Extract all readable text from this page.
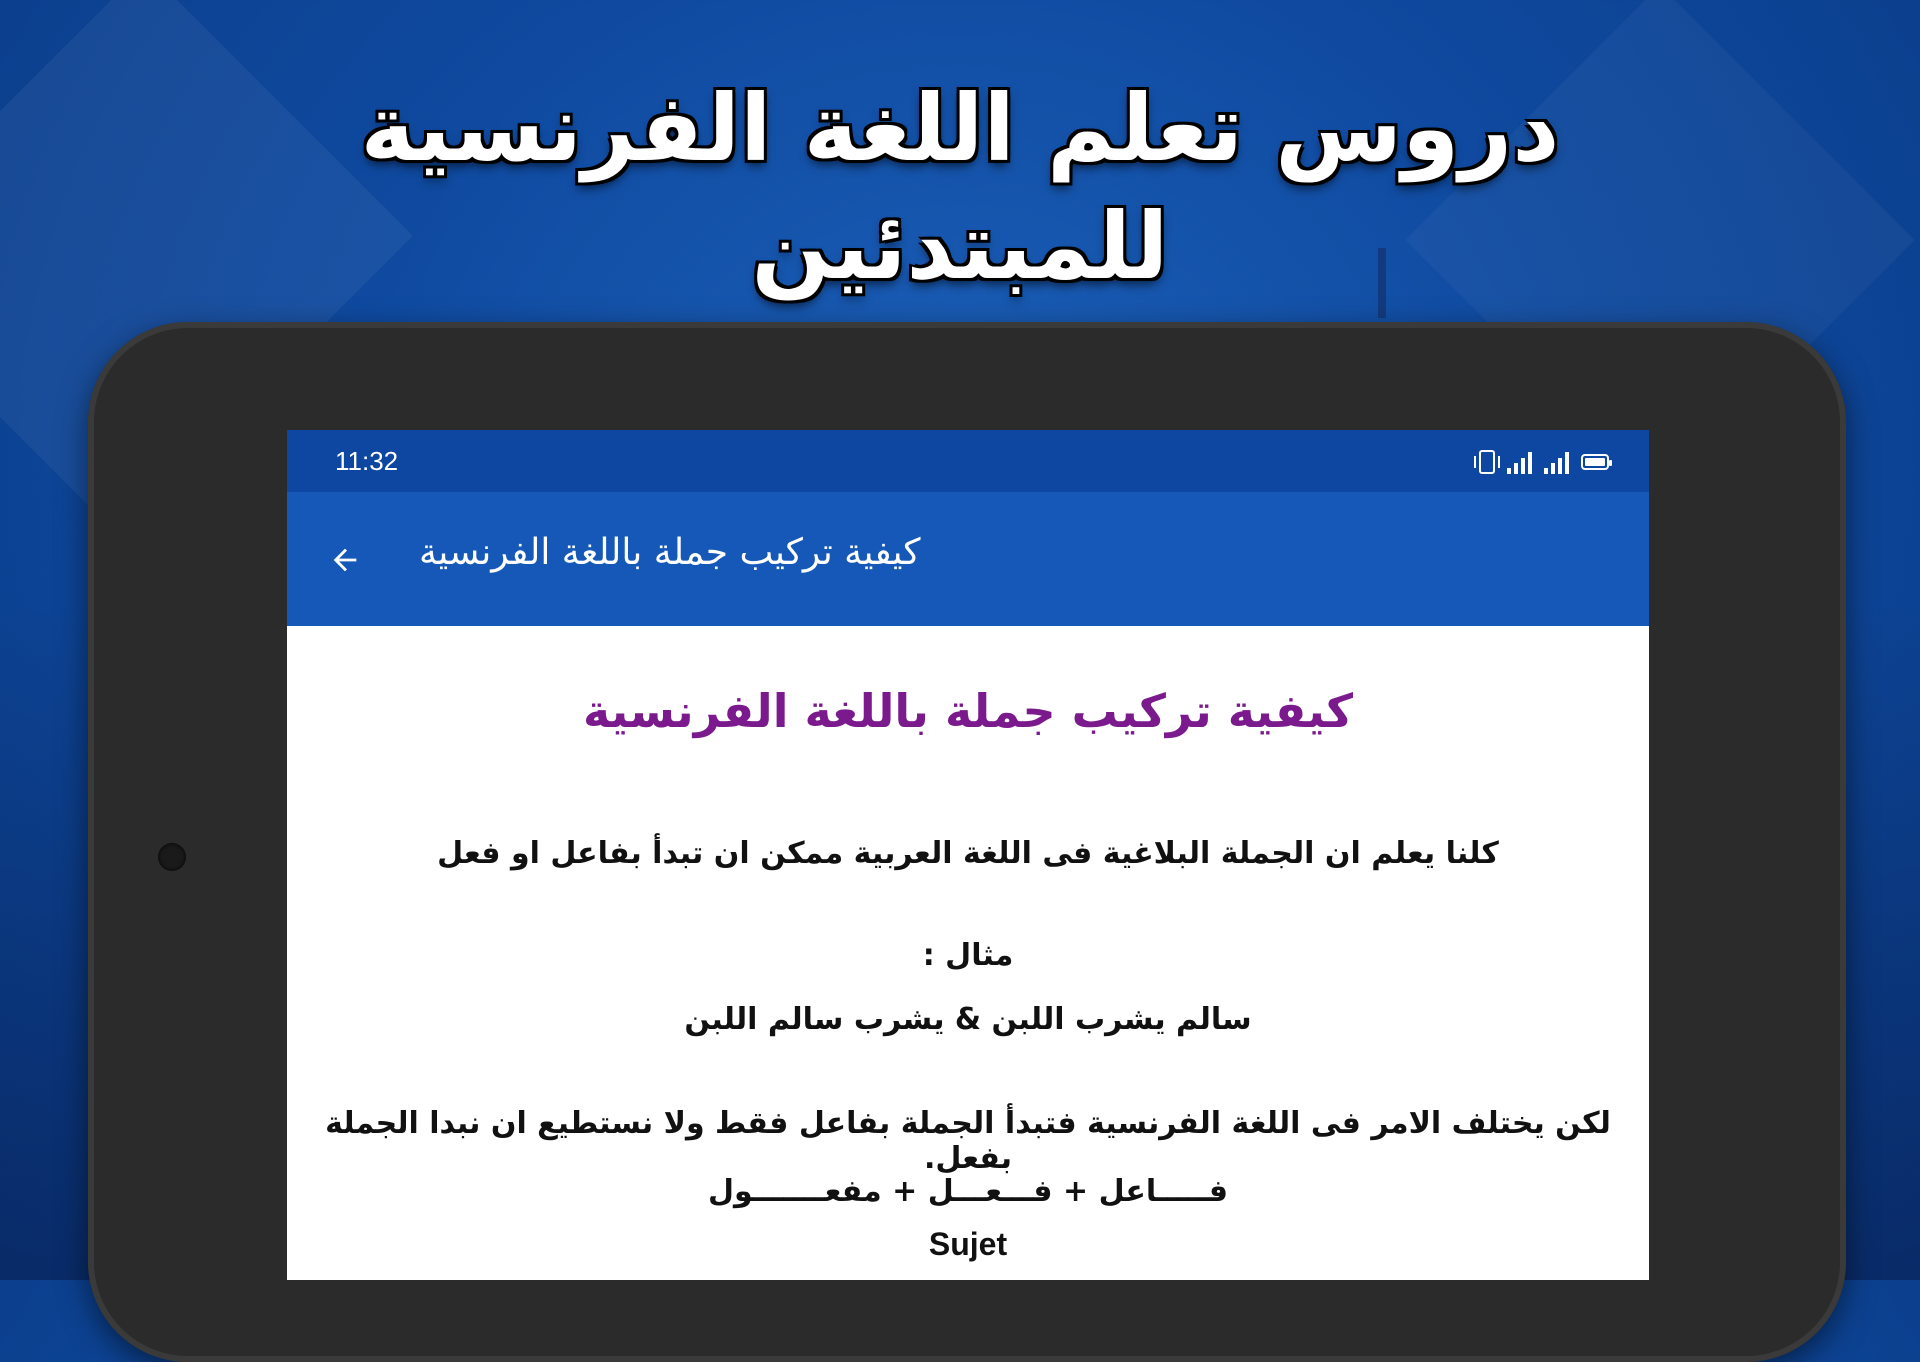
دروس تعلم اللغة الفرنسية
للمبتدئين
11:32
كيفية تركيب جملة باللغة الفرنسية
كيفية تركيب جملة باللغة الفرنسية
كلنا يعلم ان الجملة البلاغية فى اللغة العربية ممكن ان تبدأ بفاعل او فعل
مثال :
سالم يشرب اللبن & يشرب سالم اللبن
لكن يختلف الامر فى اللغة الفرنسية فتبدأ الجملة بفاعل فقط ولا نستطيع ان نبدا الجملة بفعل.
فـــــاعل + فـــعـــل + مفعـــــــول
Sujet
